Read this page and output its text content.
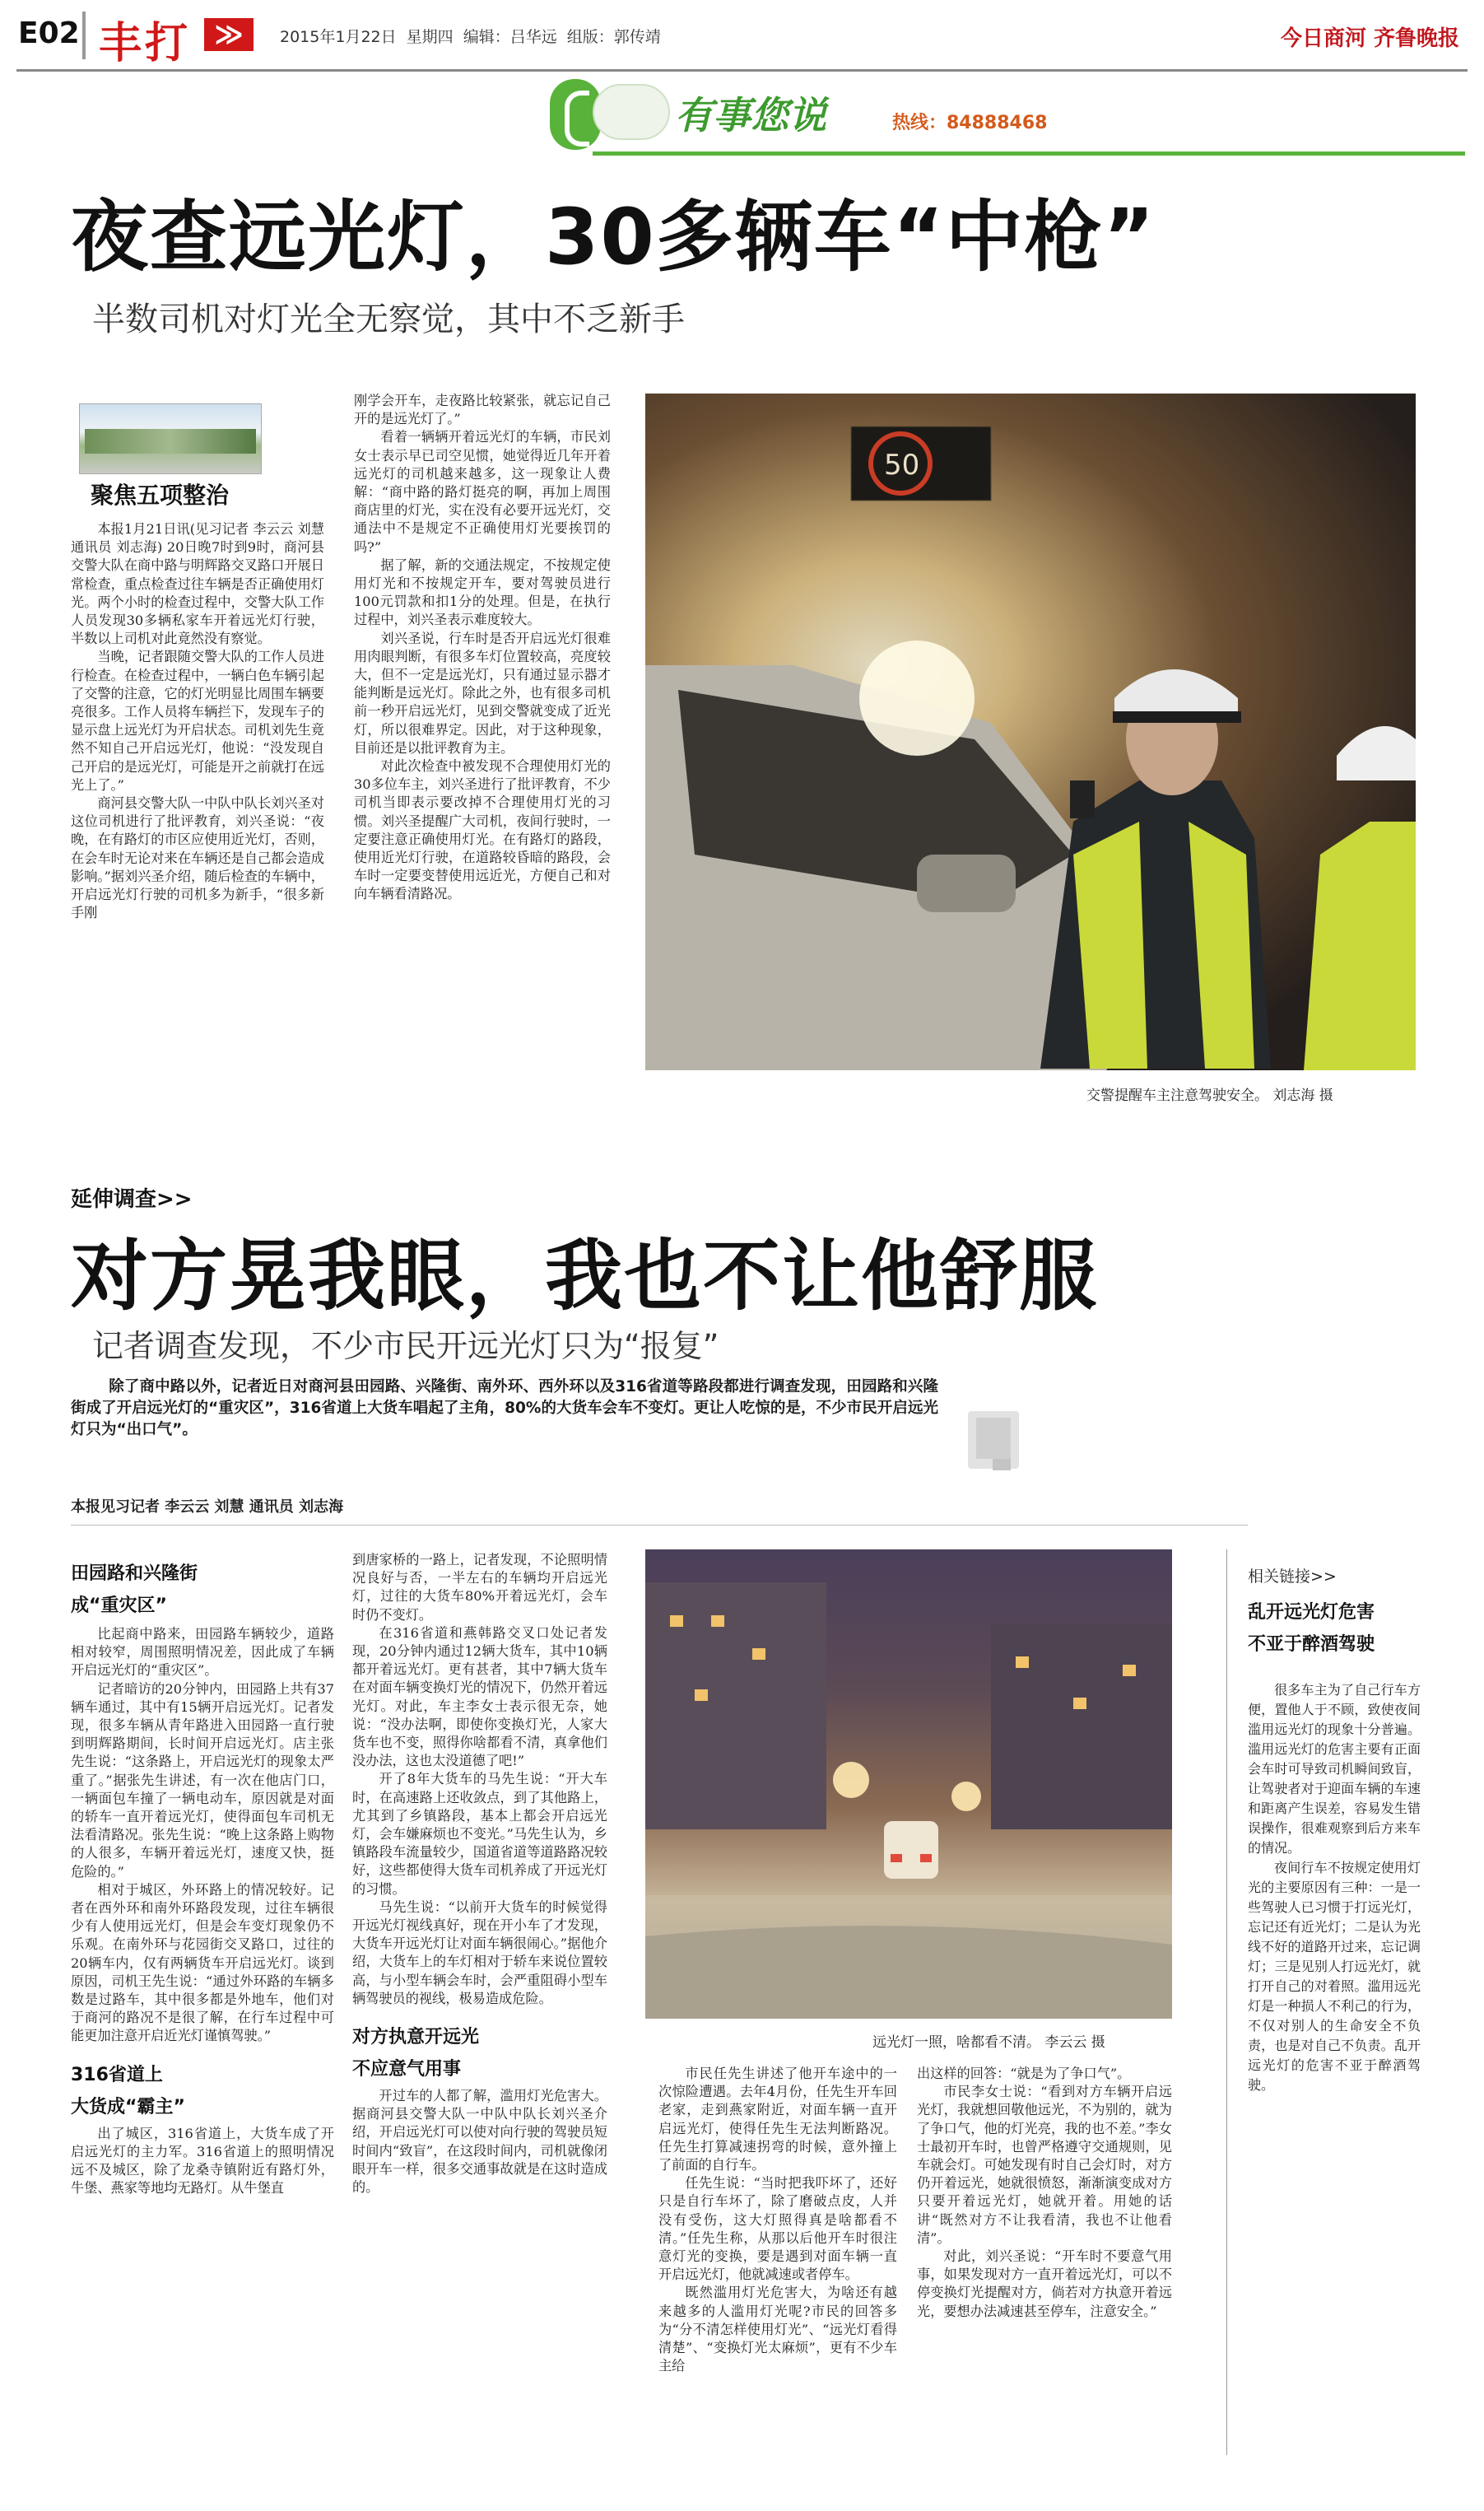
E02 丰打 ≫	2015年1月22日 星期四 编辑：吕华远 组版：郭传靖	今日商河 齐鲁晚报
有事您说	热线：84888468
夜查远光灯，30多辆车“中枪”
半数司机对灯光全无察觉，其中不乏新手
聚焦五项整治

本报1月21日讯(见习记者 李云云 刘慧 通讯员 刘志海) 20日晚7时到9时，商河县交警大队在商中路与明辉路交叉路口开展日常检查，重点检查过往车辆是否正确使用灯光。两个小时的检查过程中，交警大队工作人员发现30多辆私家车开着远光灯行驶，半数以上司机对此竟然没有察觉。

当晚，记者跟随交警大队的工作人员进行检查。在检查过程中，一辆白色车辆引起了交警的注意，它的灯光明显比周围车辆要亮很多。工作人员将车辆拦下，发现车子的显示盘上远光灯为开启状态。司机刘先生竟然不知自己开启远光灯，他说：“没发现自己开启的是远光灯，可能是开之前就打在远光上了。”

商河县交警大队一中队中队长刘兴圣对这位司机进行了批评教育，刘兴圣说：“夜晚，在有路灯的市区应使用近光灯，否则，在会车时无论对来在车辆还是自己都会造成影响。”据刘兴圣介绍，随后检查的车辆中，开启远光灯行驶的司机多为新手，“很多新手刚

刚学会开车，走夜路比较紧张，就忘记自己开的是远光灯了。”

看着一辆辆开着远光灯的车辆，市民刘女士表示早已司空见惯，她觉得近几年开着远光灯的司机越来越多，这一现象让人费解：“商中路的路灯挺亮的啊，再加上周围商店里的灯光，实在没有必要开远光灯，交通法中不是规定不正确使用灯光要挨罚的吗?”

据了解，新的交通法规定，不按规定使用灯光和不按规定开车，要对驾驶员进行100元罚款和扣1分的处理。但是，在执行过程中，刘兴圣表示难度较大。

刘兴圣说，行车时是否开启远光灯很难用肉眼判断，有很多车灯位置较高，亮度较大，但不一定是远光灯，只有通过显示器才能判断是远光灯。除此之外，也有很多司机前一秒开启远光灯，见到交警就变成了近光灯，所以很难界定。因此，对于这种现象，目前还是以批评教育为主。

对此次检查中被发现不合理使用灯光的30多位车主，刘兴圣进行了批评教育，不少司机当即表示要改掉不合理使用灯光的习惯。刘兴圣提醒广大司机，夜间行驶时，一定要注意正确使用灯光。在有路灯的路段，使用近光灯行驶，在道路较昏暗的路段，会车时一定要变替使用远近光，方便自己和对向车辆看清路况。

50
交警提醒车主注意驾驶安全。 刘志海 摄
延伸调查>>
对方晃我眼，我也不让他舒服
记者调查发现，不少市民开远光灯只为“报复”
除了商中路以外，记者近日对商河县田园路、兴隆街、南外环、西外环以及316省道等路段都进行调查发现，田园路和兴隆街成了开启远光灯的“重灾区”，316省道上大货车唱起了主角，80%的大货车会车不变灯。更让人吃惊的是，不少市民开启远光灯只为“出口气”。
本报见习记者 李云云 刘慧 通讯员 刘志海
田园路和兴隆街
成“重灾区”

比起商中路来，田园路车辆较少，道路相对较窄，周围照明情况差，因此成了车辆开启远光灯的“重灾区”。

记者暗访的20分钟内，田园路上共有37辆车通过，其中有15辆开启远光灯。记者发现，很多车辆从青年路进入田园路一直行驶到明辉路期间，长时间开启远光灯。店主张先生说：“这条路上，开启远光灯的现象太严重了。”据张先生讲述，有一次在他店门口，一辆面包车撞了一辆电动车，原因就是对面的轿车一直开着远光灯，使得面包车司机无法看清路况。张先生说：“晚上这条路上购物的人很多，车辆开着远光灯，速度又快，挺危险的。”

相对于城区，外环路上的情况较好。记者在西外环和南外环路段发现，过往车辆很少有人使用远光灯，但是会车变灯现象仍不乐观。在南外环与花园街交叉路口，过往的20辆车内，仅有两辆货车开启远光灯。谈到原因，司机王先生说：“通过外环路的车辆多数是过路车，其中很多都是外地车，他们对于商河的路况不是很了解，在行车过程中可能更加注意开启近光灯谨慎驾驶。”

316省道上
大货成“霸主”

出了城区，316省道上，大货车成了开启远光灯的主力军。316省道上的照明情况远不及城区，除了龙桑寺镇附近有路灯外，牛堡、燕家等地均无路灯。从牛堡直

到唐家桥的一路上，记者发现，不论照明情况良好与否，一半左右的车辆均开启远光灯，过往的大货车80%开着远光灯，会车时仍不变灯。

在316省道和燕韩路交叉口处记者发现，20分钟内通过12辆大货车，其中10辆都开着远光灯。更有甚者，其中7辆大货车在对面车辆变换灯光的情况下，仍然开着远光灯。对此，车主李女士表示很无奈，她说：“没办法啊，即使你变换灯光，人家大货车也不变，照得你啥都看不清，真拿他们没办法，这也太没道德了吧!”

开了8年大货车的马先生说：“开大车时，在高速路上还收敛点，到了其他路上，尤其到了乡镇路段，基本上都会开启远光灯，会车嫌麻烦也不变光。”马先生认为，乡镇路段车流量较少，国道省道等道路路况较好，这些都使得大货车司机养成了开远光灯的习惯。

马先生说：“以前开大货车的时候觉得开远光灯视线真好，现在开小车了才发现，大货车开远光灯让对面车辆很闹心。”据他介绍，大货车上的车灯相对于轿车来说位置较高，与小型车辆会车时，会严重阻碍小型车辆驾驶员的视线，极易造成危险。

对方执意开远光
不应意气用事

开过车的人都了解，滥用灯光危害大。据商河县交警大队一中队中队长刘兴圣介绍，开启远光灯可以使对向行驶的驾驶员短时间内“致盲”，在这段时间内，司机就像闭眼开车一样，很多交通事故就是在这时造成的。

远光灯一照，啥都看不清。 李云云 摄

市民任先生讲述了他开车途中的一次惊险遭遇。去年4月份，任先生开车回老家，走到燕家附近，对面车辆一直开启远光灯，使得任先生无法判断路况。任先生打算减速拐弯的时候，意外撞上了前面的自行车。

任先生说：“当时把我吓坏了，还好只是自行车坏了，除了磨破点皮，人并没有受伤，这大灯照得真是啥都看不清。”任先生称，从那以后他开车时很注意灯光的变换，要是遇到对面车辆一直开启远光灯，他就减速或者停车。

既然滥用灯光危害大，为啥还有越来越多的人滥用灯光呢?市民的回答多为“分不清怎样使用灯光”、“远光灯看得清楚”、“变换灯光太麻烦”，更有不少车主给

出这样的回答：“就是为了争口气”。

市民李女士说：“看到对方车辆开启远光灯，我就想回敬他远光，不为别的，就为了争口气，他的灯光亮，我的也不差。”李女士最初开车时，也曾严格遵守交通规则，见车就会灯。可她发现有时自己会灯时，对方仍开着远光，她就很愤怒，渐渐演变成对方只要开着远光灯，她就开着。用她的话讲“既然对方不让我看清，我也不让他看清”。

对此，刘兴圣说：“开车时不要意气用事，如果发现对方一直开着远光灯，可以不停变换灯光提醒对方，倘若对方执意开着远光，要想办法减速甚至停车，注意安全。”

相关链接>>
乱开远光灯危害
不亚于醉酒驾驶

很多车主为了自己行车方便，置他人于不顾，致使夜间滥用远光灯的现象十分普遍。滥用远光灯的危害主要有正面会车时可导致司机瞬间致盲，让驾驶者对于迎面车辆的车速和距离产生误差，容易发生错误操作，很难观察到后方来车的情况。

夜间行车不按规定使用灯光的主要原因有三种：一是一些驾驶人已习惯于打远光灯，忘记还有近光灯；二是认为光线不好的道路开过来，忘记调灯；三是见别人打远光灯，就打开自己的对着照。滥用远光灯是一种损人不利己的行为，不仅对别人的生命安全不负责，也是对自己不负责。乱开远光灯的危害不亚于醉酒驾驶。
